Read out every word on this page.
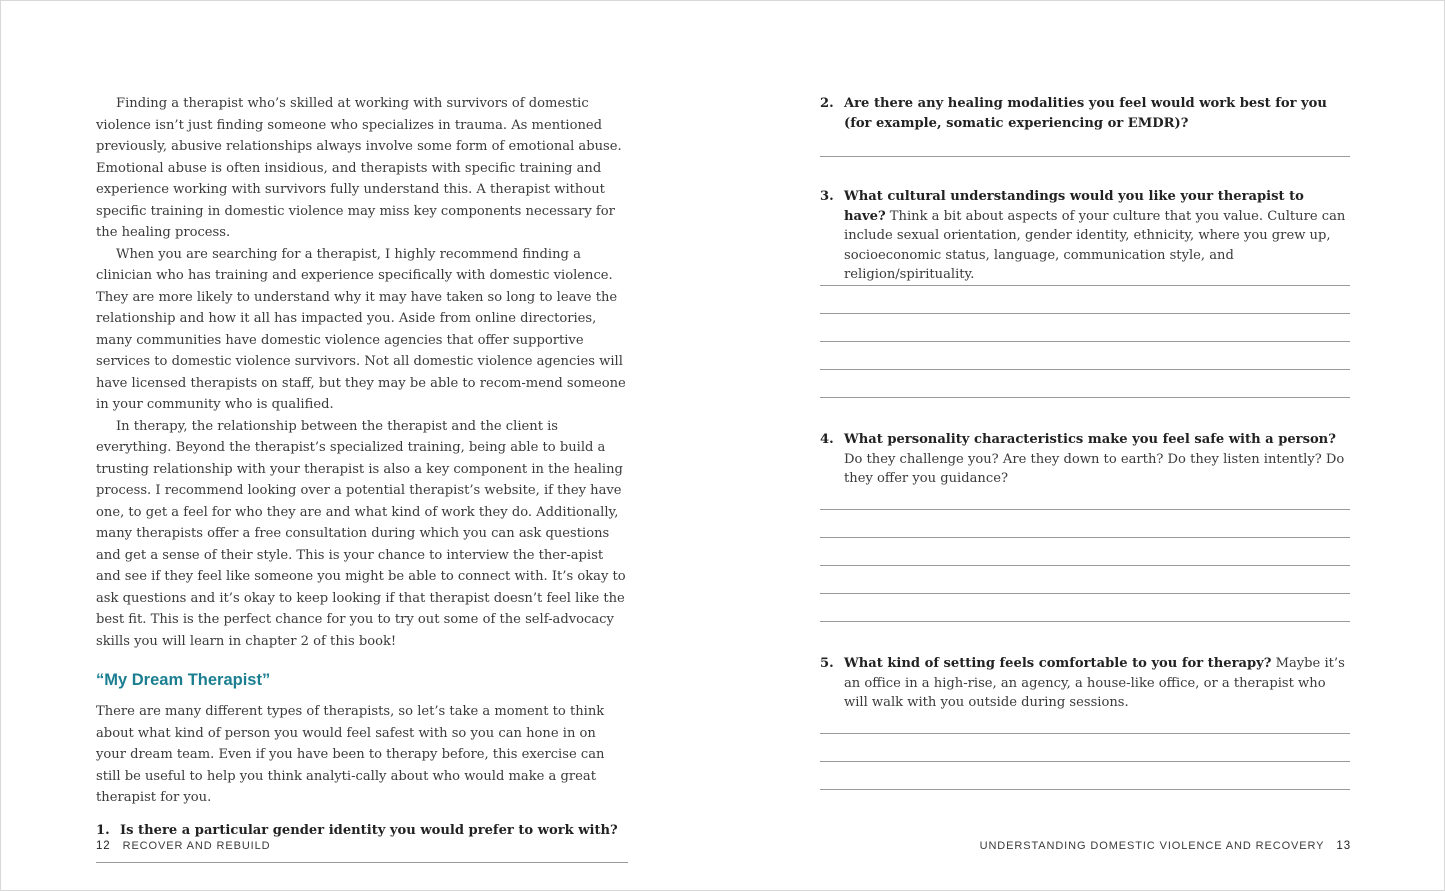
Finding a therapist who’s skilled at working with survivors of domestic violence isn’t just finding someone who specializes in trauma. As mentioned previously, abusive relationships always involve some form of emotional abuse. Emotional abuse is often insidious, and therapists with specific training and experience working with survivors fully understand this. A therapist without specific training in domestic violence may miss key components necessary for the healing process.

When you are searching for a therapist, I highly recommend finding a clinician who has training and experience specifically with domestic violence. They are more likely to understand why it may have taken so long to leave the relationship and how it all has impacted you. Aside from online directories, many communities have domestic violence agencies that offer supportive services to domestic violence survivors. Not all domestic violence agencies will have licensed therapists on staff, but they may be able to recom-mend someone in your community who is qualified.

In therapy, the relationship between the therapist and the client is everything. Beyond the therapist’s specialized training, being able to build a trusting relationship with your therapist is also a key component in the healing process. I recommend looking over a potential therapist’s website, if they have one, to get a feel for who they are and what kind of work they do. Additionally, many therapists offer a free consultation during which you can ask questions and get a sense of their style. This is your chance to interview the ther-apist and see if they feel like someone you might be able to connect with. It’s okay to ask questions and it’s okay to keep looking if that therapist doesn’t feel like the best fit. This is the perfect chance for you to try out some of the self-advocacy skills you will learn in chapter 2 of this book!

“My Dream Therapist”

There are many different types of therapists, so let’s take a moment to think about what kind of person you would feel safest with so you can hone in on your dream team. Even if you have been to therapy before, this exercise can still be useful to help you think analyti-cally about who would make a great therapist for you.

1. Is there a particular gender identity you would prefer to work with?
12 RECOVER AND REBUILD
2. Are there any healing modalities you feel would work best for you (for example, somatic experiencing or EMDR)?
3. What cultural understandings would you like your therapist to have? Think a bit about aspects of your culture that you value. Culture can include sexual orientation, gender identity, ethnicity, where you grew up, socioeconomic status, language, communication style, and religion/spirituality.
4. What personality characteristics make you feel safe with a person? Do they challenge you? Are they down to earth? Do they listen intently? Do they offer you guidance?
5. What kind of setting feels comfortable to you for therapy? Maybe it’s an office in a high-rise, an agency, a house-like office, or a therapist who will walk with you outside during sessions.
UNDERSTANDING DOMESTIC VIOLENCE AND RECOVERY 13
